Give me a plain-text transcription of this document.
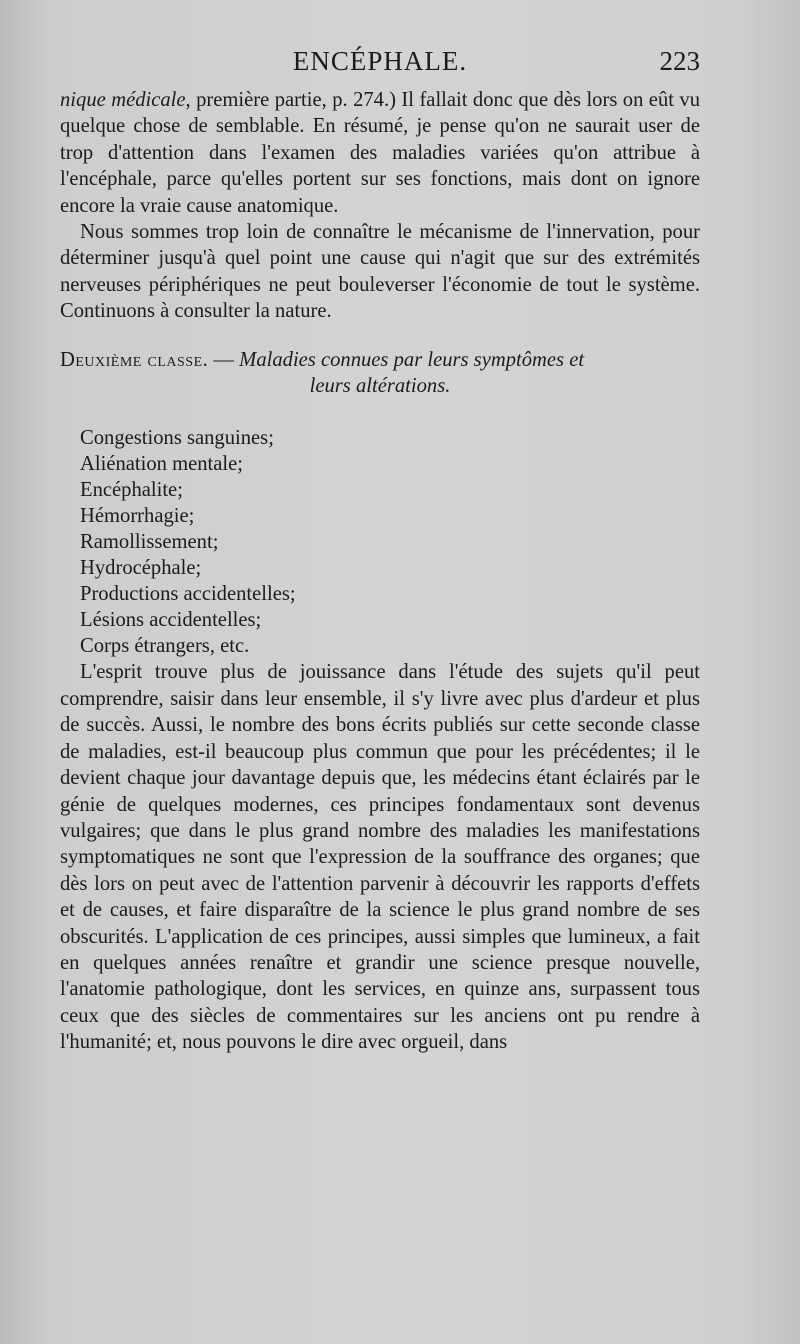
ENCÉPHALE.	223

nique médicale, première partie, p. 274.) Il fallait donc que dès lors on eût vu quelque chose de semblable. En résumé, je pense qu'on ne saurait user de trop d'attention dans l'examen des maladies variées qu'on attribue à l'encéphale, parce qu'elles portent sur ses fonctions, mais dont on ignore encore la vraie cause anatomique.

Nous sommes trop loin de connaître le mécanisme de l'innervation, pour déterminer jusqu'à quel point une cause qui n'agit que sur des extrémités nerveuses périphériques ne peut bouleverser l'économie de tout le système. Continuons à consulter la nature.

Deuxième classe. — Maladies connues par leurs symptômes et

leurs altérations.

Congestions sanguines;
Aliénation mentale;
Encéphalite;
Hémorrhagie;
Ramollissement;
Hydrocéphale;
Productions accidentelles;
Lésions accidentelles;
Corps étrangers, etc.

L'esprit trouve plus de jouissance dans l'étude des sujets qu'il peut comprendre, saisir dans leur ensemble, il s'y livre avec plus d'ardeur et plus de succès. Aussi, le nombre des bons écrits publiés sur cette seconde classe de maladies, est-il beaucoup plus commun que pour les précédentes; il le devient chaque jour davantage depuis que, les médecins étant éclairés par le génie de quelques modernes, ces principes fondamentaux sont devenus vulgaires; que dans le plus grand nombre des maladies les manifestations symptomatiques ne sont que l'expression de la souffrance des organes; que dès lors on peut avec de l'attention parvenir à découvrir les rapports d'effets et de causes, et faire disparaître de la science le plus grand nombre de ses obscurités. L'application de ces principes, aussi simples que lumineux, a fait en quelques années renaître et grandir une science presque nouvelle, l'anatomie pathologique, dont les services, en quinze ans, surpassent tous ceux que des siècles de commentaires sur les anciens ont pu rendre à l'humanité; et, nous pouvons le dire avec orgueil, dans
